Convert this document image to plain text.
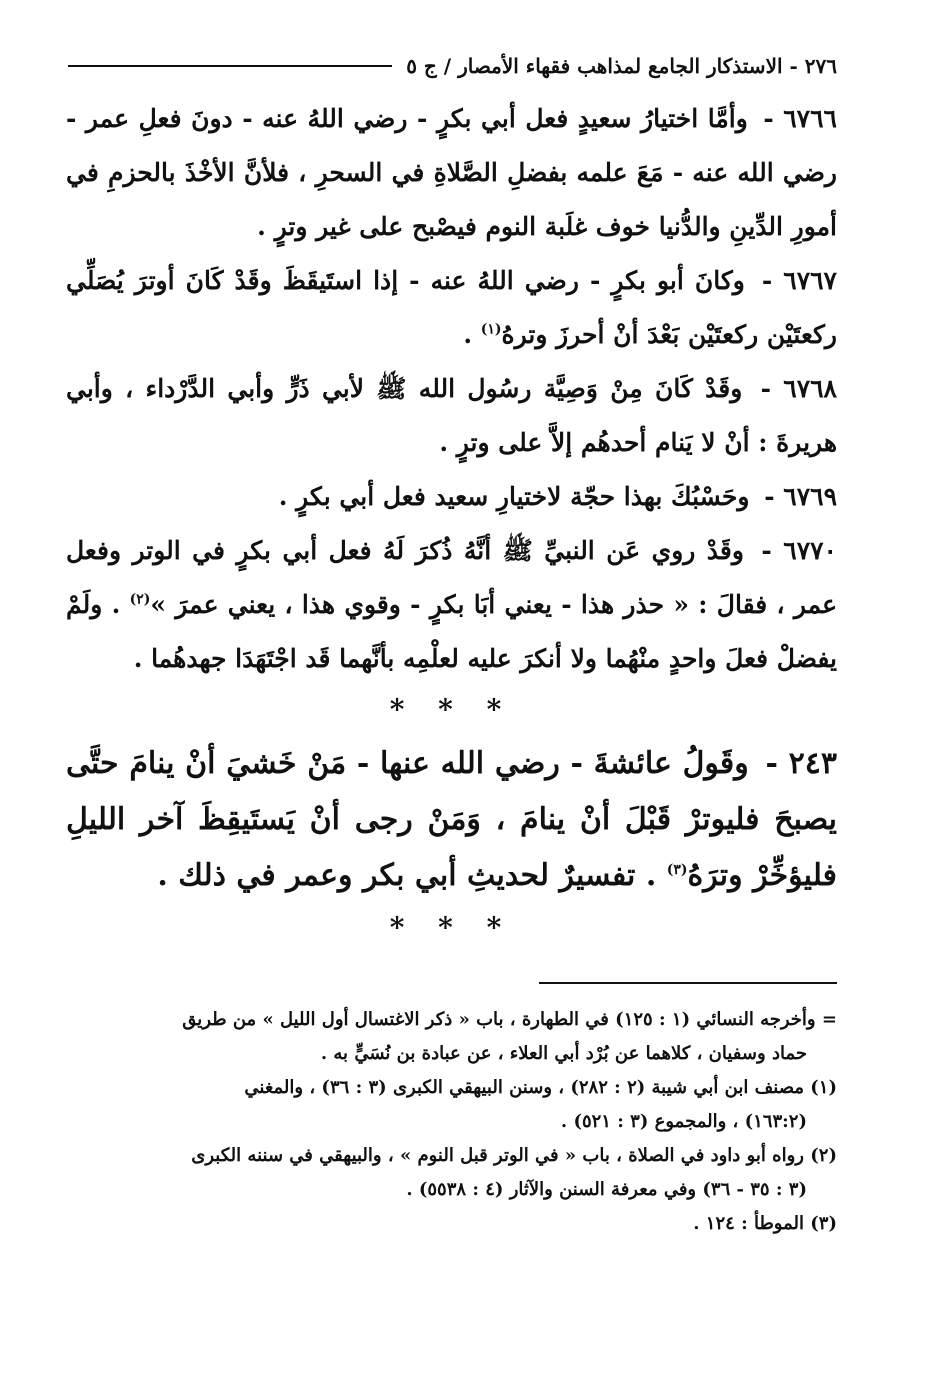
٢٧٦ - الاستذكار الجامع لمذاهب فقهاء الأمصار / ج ٥

٦٧٦٦ - وأمَّا اختيارُ سعيدٍ فعل أبي بكرٍ - رضي اللهُ عنه - دونَ فعلِ عمر - رضي الله عنه - مَعَ علمه بفضلِ الصَّلاةِ في السحرِ ، فلأنَّ الأخْذَ بالحزمِ في أمورِ الدِّينِ والدُّنيا خوف غلَبة النوم فيصْبح على غير وترٍ .

٦٧٦٧ - وكانَ أبو بكرٍ - رضي اللهُ عنه - إذا استَيقَظَ وقَدْ كَانَ أوترَ يُصَلِّي ركعتَيْن ركعتَيْن بَعْدَ أنْ أحرزَ وترهُ$^{(١)}$ .

٦٧٦٨ - وقَدْ كَانَ مِنْ وَصِيَّة رسُول الله ﷺ لأبي ذَرٍّ وأبي الدَّرْداء ، وأبي هريرةَ : أنْ لا يَنام أحدهُم إلاَّ على وترٍ .

٦٧٦٩ - وحَسْبُكَ بهذا حجّة لاختيارِ سعيد فعل أبي بكرٍ .

٦٧٧٠ - وقَدْ روي عَن النبيِّ ﷺ أنَّهُ ذُكرَ لَهُ فعل أبي بكرٍ في الوتر وفعل عمر ، فقالَ : « حذر هذا - يعني أبَا بكرٍ - وقوي هذا ، يعني عمرَ »$^{(٢)}$ . ولَمْ يفضلْ فعلَ واحدٍ منْهُما ولا أنكرَ عليه لعلْمِه بأنَّهما قَد اجْتَهَدَا جهدهُما .

* * *

٢٤٣ - وقَولُ عائشةَ - رضي الله عنها - مَنْ خَشيَ أنْ ينامَ حتَّى يصبحَ فليوترْ قَبْلَ أنْ ينامَ ، وَمَنْ رجى أنْ يَستَيقِظَ آخر الليلِ فليؤخِّرْ وترَهُ$^{(٣)}$ . تفسيرٌ لحديثِ أبي بكر وعمر في ذلك .

* * *

= وأخرجه النسائي (١ : ١٢٥) في الطهارة ، باب « ذكر الاغتسال أول الليل » من طريق

حماد وسفيان ، كلاهما عن بُرْد أبي العلاء ، عن عبادة بن نُسَيٍّ به .

(١) مصنف ابن أبي شيبة (٢ : ٢٨٢) ، وسنن البيهقي الكبرى (٣ : ٣٦) ، والمغني

(١٦٣:٢) ، والمجموع (٣ : ٥٢١) .

(٢) رواه أبو داود في الصلاة ، باب « في الوتر قبل النوم » ، والبيهقي في سننه الكبرى

(٣ : ٣٥ - ٣٦) وفي معرفة السنن والآثار (٤ : ٥٥٣٨) .

(٣) الموطأ : ١٢٤ .
